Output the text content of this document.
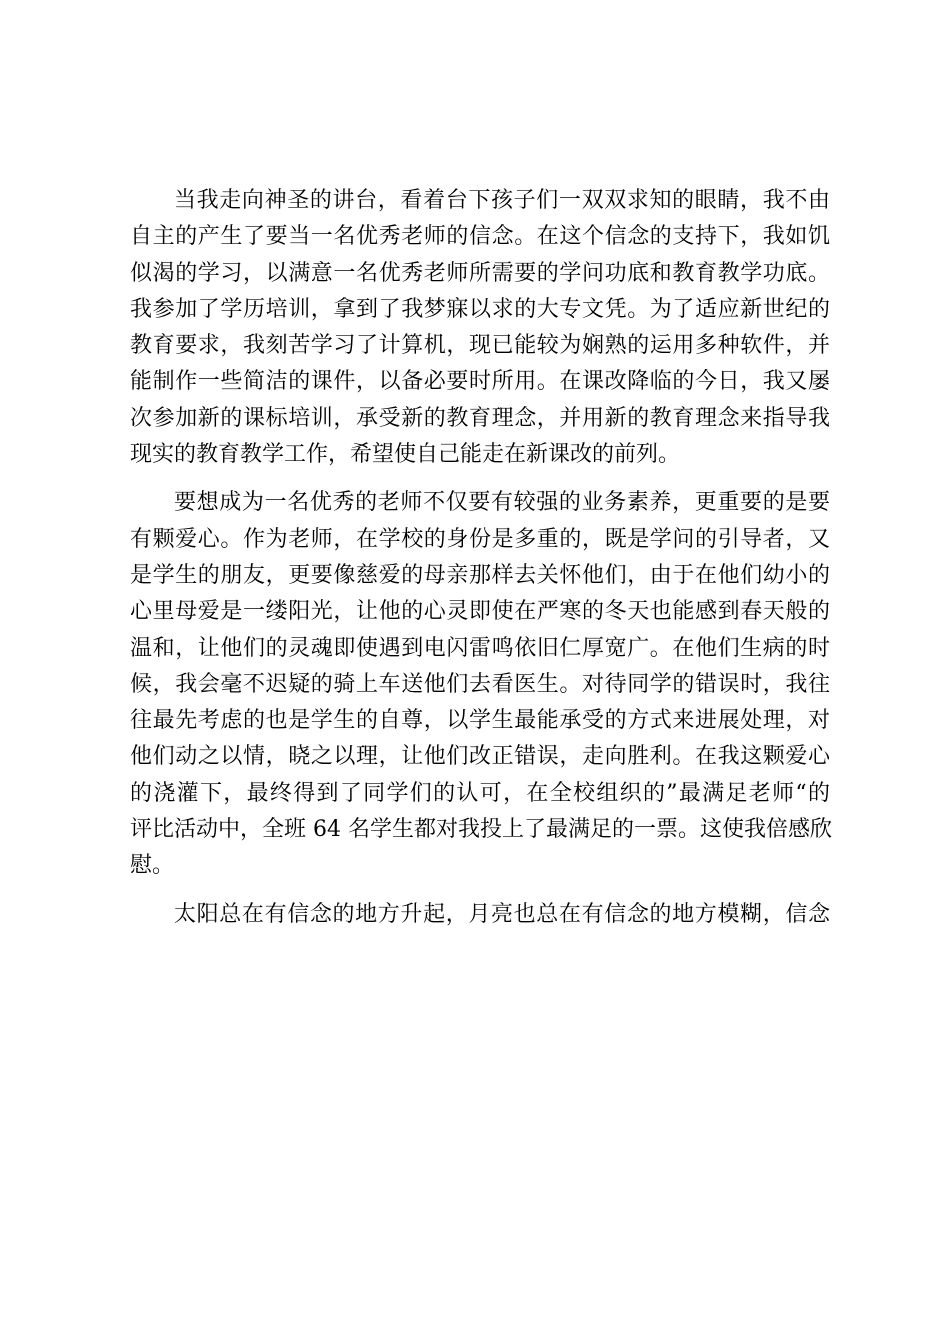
当我走向神圣的讲台，看着台下孩子们一双双求知的眼睛，我不由
自主的产生了要当一名优秀老师的信念。在这个信念的支持下，我如饥
似渴的学习，以满意一名优秀老师所需要的学问功底和教育教学功底。
我参加了学历培训，拿到了我梦寐以求的大专文凭。为了适应新世纪的
教育要求，我刻苦学习了计算机，现已能较为娴熟的运用多种软件，并
能制作一些简洁的课件，以备必要时所用。在课改降临的今日，我又屡
次参加新的课标培训，承受新的教育理念，并用新的教育理念来指导我
现实的教育教学工作，希望使自己能走在新课改的前列。
要想成为一名优秀的老师不仅要有较强的业务素养，更重要的是要
有颗爱心。作为老师，在学校的身份是多重的，既是学问的引导者，又
是学生的朋友，更要像慈爱的母亲那样去关怀他们，由于在他们幼小的
心里母爱是一缕阳光，让他的心灵即使在严寒的冬天也能感到春天般的
温和，让他们的灵魂即使遇到电闪雷鸣依旧仁厚宽广。在他们生病的时
候，我会毫不迟疑的骑上车送他们去看医生。对待同学的错误时，我往
往最先考虑的也是学生的自尊，以学生最能承受的方式来进展处理，对
他们动之以情，晓之以理，让他们改正错误，走向胜利。在我这颗爱心
的浇灌下，最终得到了同学们的认可，在全校组织的”最满足老师“的
评比活动中，全班 64 名学生都对我投上了最满足的一票。这使我倍感欣
慰。
太阳总在有信念的地方升起，月亮也总在有信念的地方模糊，信念
